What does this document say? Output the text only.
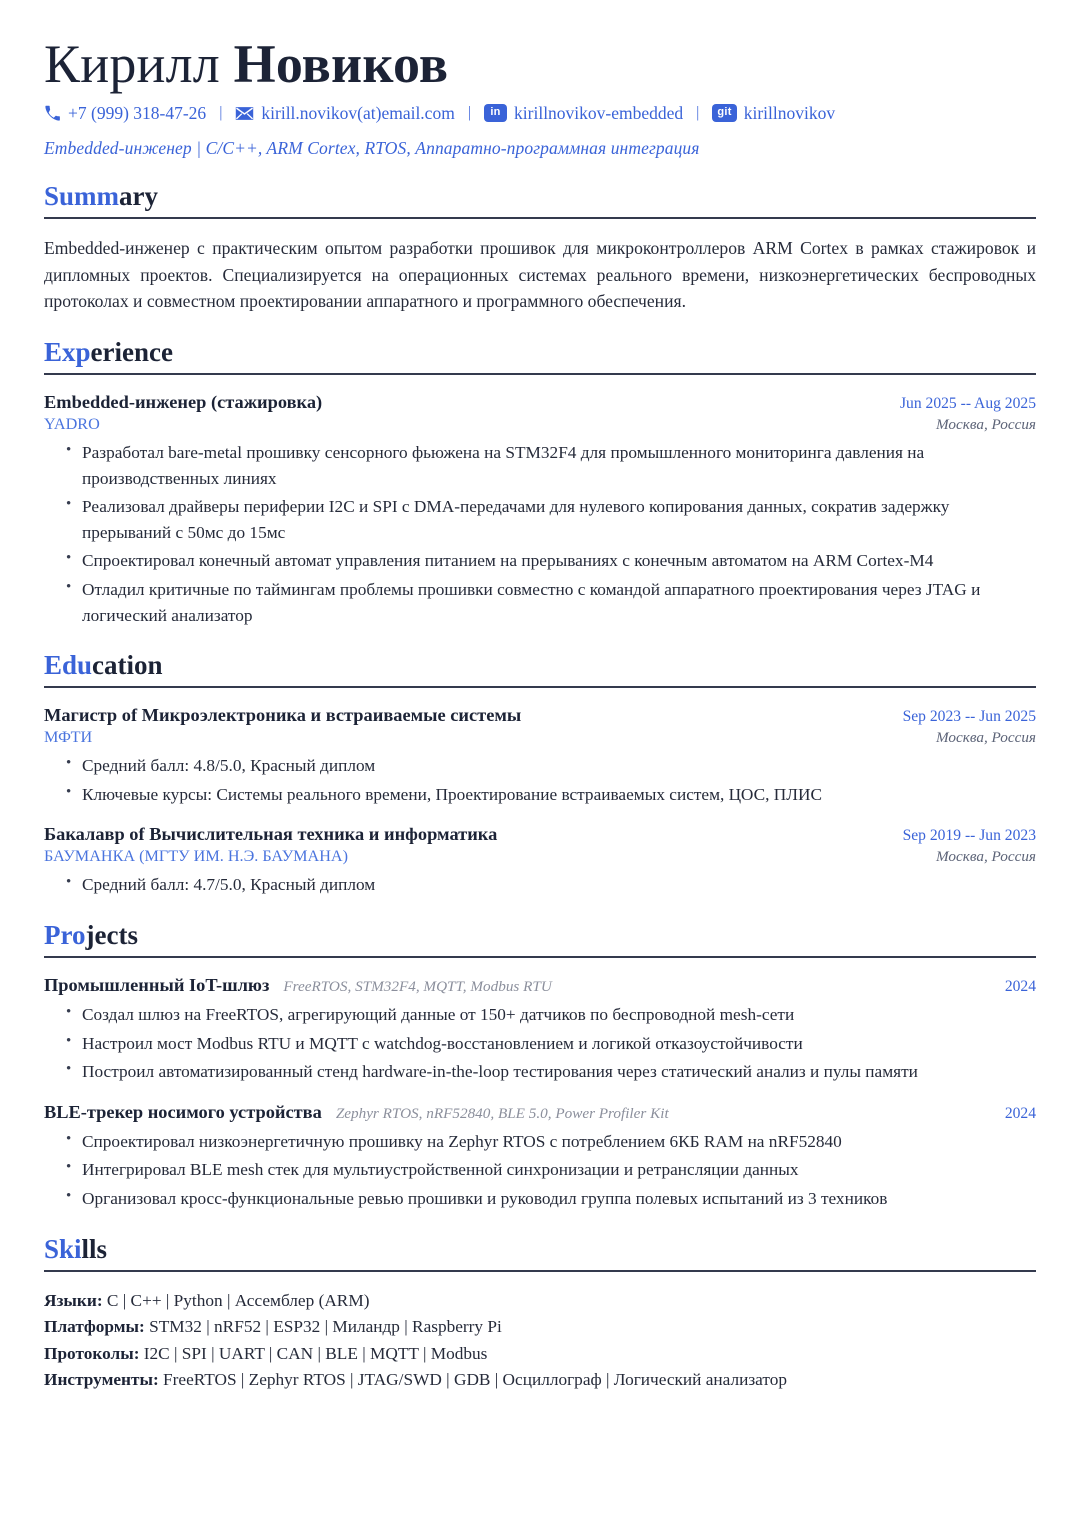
Кирилл Новиков
+7 (999) 318-47-26 |	kirill.novikov(at)email.com |	in kirillnovikov-embedded |	git kirillnovikov
Embedded-инженер | C/C++, ARM Cortex, RTOS, Аппаратно-программная интеграция
Summary

Embedded-инженер с практическим опытом разработки прошивок для микроконтроллеров ARM Cortex в рамках стажировок и дипломных проектов. Специализируется на операционных системах реального времени, низкоэнергетических беспроводных протоколах и совместном проектировании аппаратного и программного обеспечения.

Experience
Embedded-инженер (стажировка)	Jun 2025 -- Aug 2025
YADRO	Москва, Россия
• Разработал bare-metal прошивку сенсорного фьюжена на STM32F4 для промышленного мониторинга давления на производственных линиях
• Реализовал драйверы периферии I2C и SPI с DMA-передачами для нулевого копирования данных, сократив задержку прерываний с 50мс до 15мс
• Спроектировал конечный автомат управления питанием на прерываниях с конечным автоматом на ARM Cortex-M4
• Отладил критичные по таймингам проблемы прошивки совместно с командой аппаратного проектирования через JTAG и логический анализатор
Education
Магистр of Микроэлектроника и встраиваемые системы	Sep 2023 -- Jun 2025
МФТИ	Москва, Россия
• Средний балл: 4.8/5.0, Красный диплом
• Ключевые курсы: Системы реального времени, Проектирование встраиваемых систем, ЦОС, ПЛИС
Бакалавр of Вычислительная техника и информатика	Sep 2019 -- Jun 2023
БАУМАНКА (МГТУ ИМ. Н.Э. БАУМАНА)	Москва, Россия
• Средний балл: 4.7/5.0, Красный диплом
Projects
Промышленный IoT-шлюз FreeRTOS, STM32F4, MQTT, Modbus RTU	2024
• Создал шлюз на FreeRTOS, агрегирующий данные от 150+ датчиков по беспроводной mesh-сети
• Настроил мост Modbus RTU и MQTT с watchdog-восстановлением и логикой отказоустойчивости
• Построил автоматизированный стенд hardware-in-the-loop тестирования через статический анализ и пулы памяти
BLE-трекер носимого устройства Zephyr RTOS, nRF52840, BLE 5.0, Power Profiler Kit	2024
• Спроектировал низкоэнергетичную прошивку на Zephyr RTOS с потреблением 6КБ RAM на nRF52840
• Интегрировал BLE mesh стек для мультиустройственной синхронизации и ретрансляции данных
• Организовал кросс-функциональные ревью прошивки и руководил группа полевых испытаний из 3 техников
Skills
Языки: C | C++ | Python | Ассемблер (ARM)
Платформы: STM32 | nRF52 | ESP32 | Миландр | Raspberry Pi
Протоколы: I2C | SPI | UART | CAN | BLE | MQTT | Modbus
Инструменты: FreeRTOS | Zephyr RTOS | JTAG/SWD | GDB | Осциллограф | Логический анализатор
